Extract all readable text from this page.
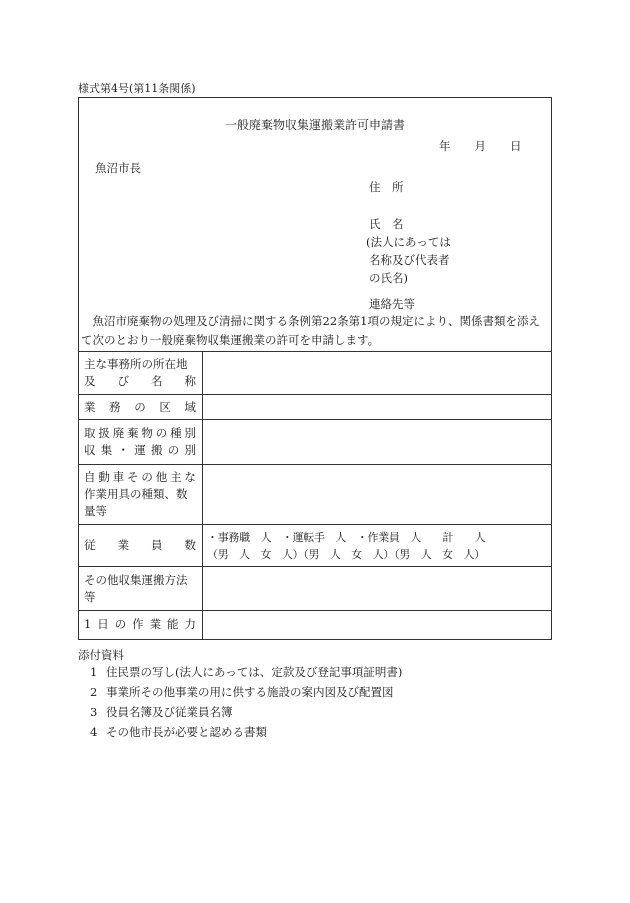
様式第4号(第11条関係)
一般廃棄物収集運搬業許可申請書
年 月 日
魚沼市長
住　所
氏　名
(法人にあっては
名称及び代表者
の氏名)
連絡先等
魚沼市廃棄物の処理及び清掃に関する条例第22条第1項の規定により、関係書類を添えて次のとおり一般廃棄物収集運搬業の許可を申請します。
主な事務所の所在地
及 び 名 称
業 務 の 区 域
取 扱 廃 棄 物 の 種 別
収 集 ・ 運 搬 の 別
自 動 車 そ の 他 主 な
作業用具の種類、数
量等
従 業 員 数
・事務職　人　・運転手　人　・作業員　人　　計　　人
（男　人　女　人）（男　人　女　人）（男　人　女　人）
その他収集運搬方法
等
1 日 の 作 業 能 力
添付資料
1 住民票の写し(法人にあっては、定款及び登記事項証明書)
2 事業所その他事業の用に供する施設の案内図及び配置図
3 役員名簿及び従業員名簿
4 その他市長が必要と認める書類
